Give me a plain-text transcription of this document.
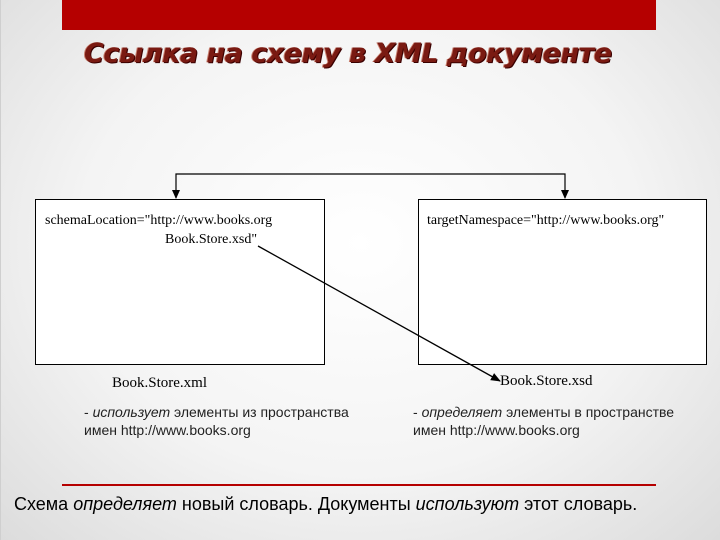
Ссылка на схему в XML документе
schemaLocation="http://www.books.org
Book.Store.xsd"
targetNamespace="http://www.books.org"
Book.Store.xml	Book.Store.xsd
- использует элементы из пространства
имен http://www.books.org
- определяет элементы в пространстве
имен http://www.books.org

Схема определяет новый словарь. Документы используют этот словарь.
